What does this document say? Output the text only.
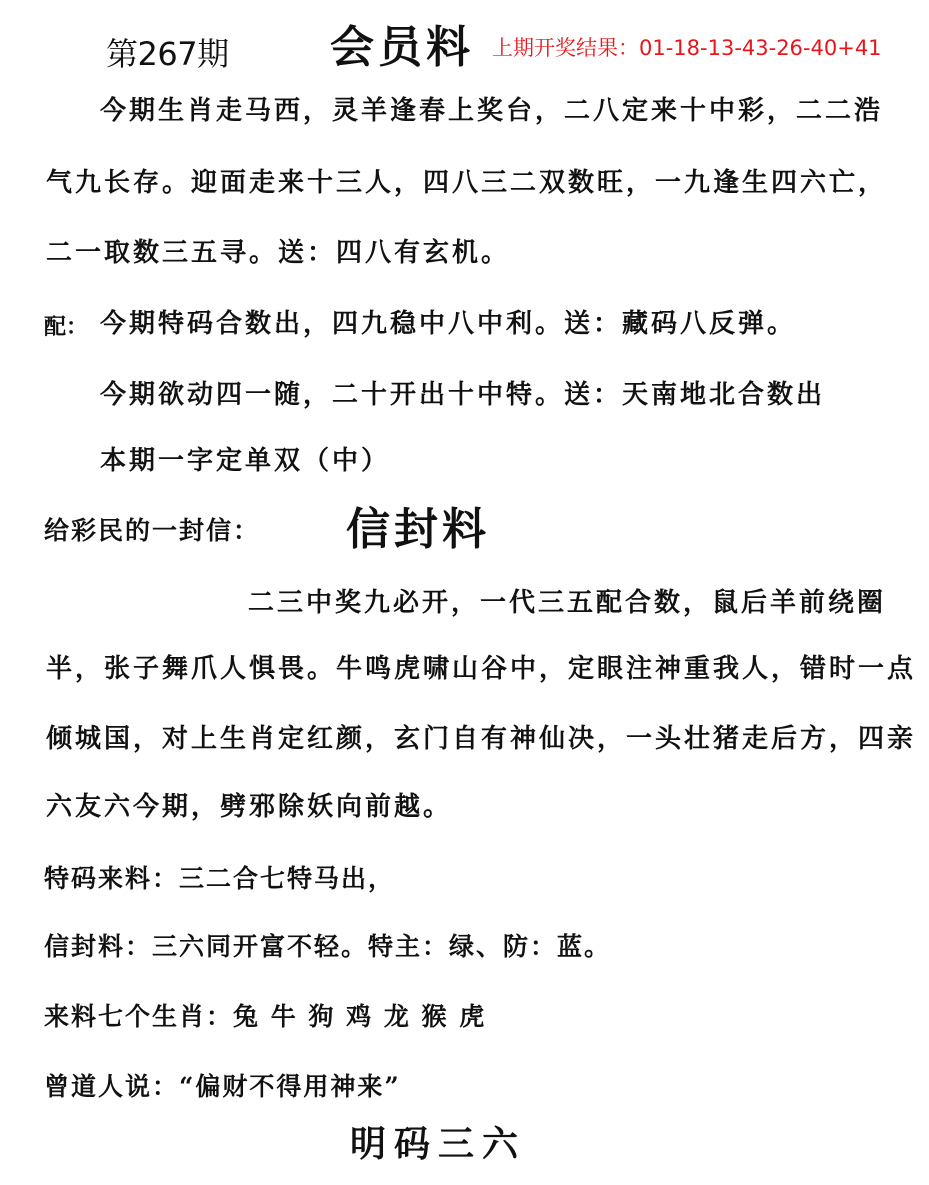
第267期 会员料 上期开奖结果：01-18-13-43-26-40+41
今期生肖走马西，灵羊逢春上奖台，二八定来十中彩，二二浩
气九长存。迎面走来十三人，四八三二双数旺，一九逢生四六亡，
二一取数三五寻。送：四八有玄机。
配： 今期特码合数出，四九稳中八中利。送：藏码八反弹。
今期欲动四一随，二十开出十中特。送：天南地北合数出
本期一字定单双（中）
给彩民的一封信： 信封料
二三中奖九必开，一代三五配合数，鼠后羊前绕圈
半，张子舞爪人惧畏。牛鸣虎啸山谷中，定眼注神重我人，错时一点
倾城国，对上生肖定红颜，玄门自有神仙决，一头壮猪走后方，四亲
六友六今期，劈邪除妖向前越。
特码来料：三二合七特马出，
信封料：三六同开富不轻。特主：绿、防：蓝。
来料七个生肖：兔 牛 狗 鸡 龙 猴 虎
曾道人说：“偏财不得用神来”
明码三六
